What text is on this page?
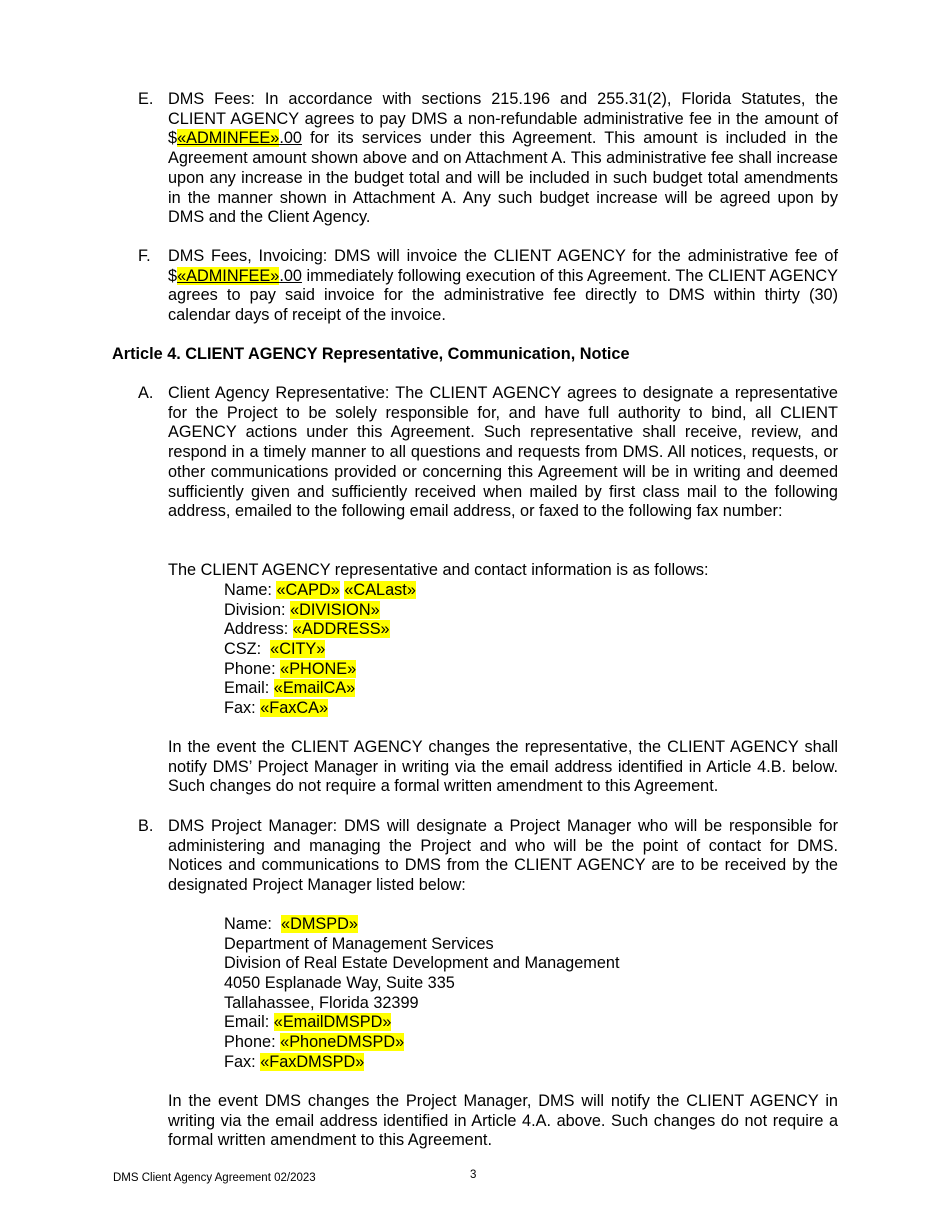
E. DMS Fees: In accordance with sections 215.196 and 255.31(2), Florida Statutes, the CLIENT AGENCY agrees to pay DMS a non-refundable administrative fee in the amount of $«ADMINFEE».00 for its services under this Agreement. This amount is included in the Agreement amount shown above and on Attachment A. This administrative fee shall increase upon any increase in the budget total and will be included in such budget total amendments in the manner shown in Attachment A. Any such budget increase will be agreed upon by DMS and the Client Agency.
F.	DMS Fees, Invoicing: DMS will invoice the CLIENT AGENCY for the administrative fee of $«ADMINFEE».00 immediately following execution of this Agreement. The CLIENT AGENCY agrees to pay said invoice for the administrative fee directly to DMS within thirty (30) calendar days of receipt of the invoice.
Article 4. CLIENT AGENCY Representative, Communication, Notice
A. Client Agency Representative: The CLIENT AGENCY agrees to designate a representative for the Project to be solely responsible for, and have full authority to bind, all CLIENT AGENCY actions under this Agreement. Such representative shall receive, review, and respond in a timely manner to all questions and requests from DMS. All notices, requests, or other communications provided or concerning this Agreement will be in writing and deemed sufficiently given and sufficiently received when mailed by first class mail to the following address, emailed to the following email address, or faxed to the following fax number:
The CLIENT AGENCY representative and contact information is as follows:
Name: «CAPD» «CALast»
Division: «DIVISION»
Address: «ADDRESS»
CSZ:  «CITY»
Phone: «PHONE»
Email: «EmailCA»
Fax: «FaxCA»
In the event the CLIENT AGENCY changes the representative, the CLIENT AGENCY shall notify DMS’ Project Manager in writing via the email address identified in Article 4.B. below. Such changes do not require a formal written amendment to this Agreement.
B. DMS Project Manager: DMS will designate a Project Manager who will be responsible for administering and managing the Project and who will be the point of contact for DMS. Notices and communications to DMS from the CLIENT AGENCY are to be received by the designated Project Manager listed below:
Name:  «DMSPD»
Department of Management Services
Division of Real Estate Development and Management
4050 Esplanade Way, Suite 335
Tallahassee, Florida 32399
Email: «EmailDMSPD»
Phone: «PhoneDMSPD»
Fax: «FaxDMSPD»
In the event DMS changes the Project Manager, DMS will notify the CLIENT AGENCY in writing via the email address identified in Article 4.A. above. Such changes do not require a formal written amendment to this Agreement.
DMS Client Agency Agreement 02/2023	3
